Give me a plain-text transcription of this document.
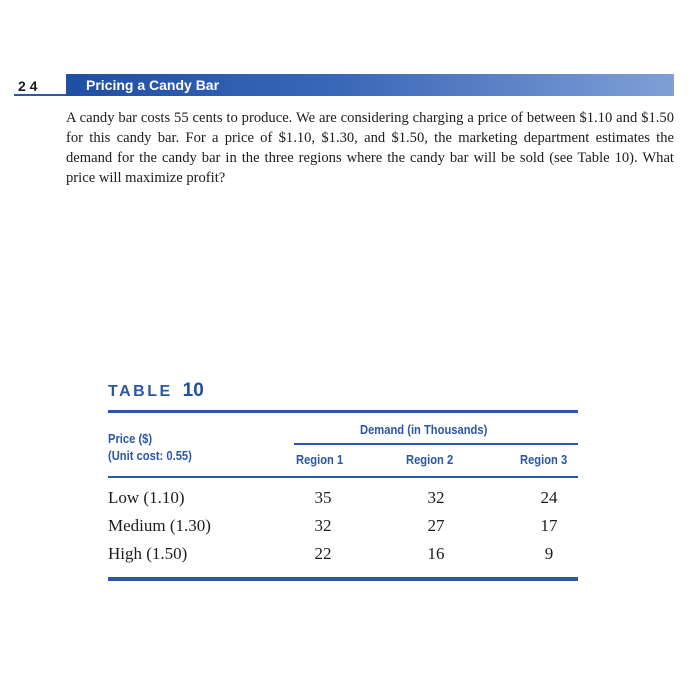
2 4	Pricing a Candy Bar

A candy bar costs 55 cents to produce. We are considering charging a price of between $1.10 and $1.50 for this candy bar. For a price of $1.10, $1.30, and $1.50, the marketing department estimates the demand for the candy bar in the three regions where the candy bar will be sold (see Table 10). What price will maximize profit?

TABLE 10
Price ($)
(Unit cost: 0.55)
Demand (in Thousands)
Region 1	Region 2	Region 3
Low (1.10)	35	32	24
Medium (1.30)	32	27	17
High (1.50)	22	16	9
